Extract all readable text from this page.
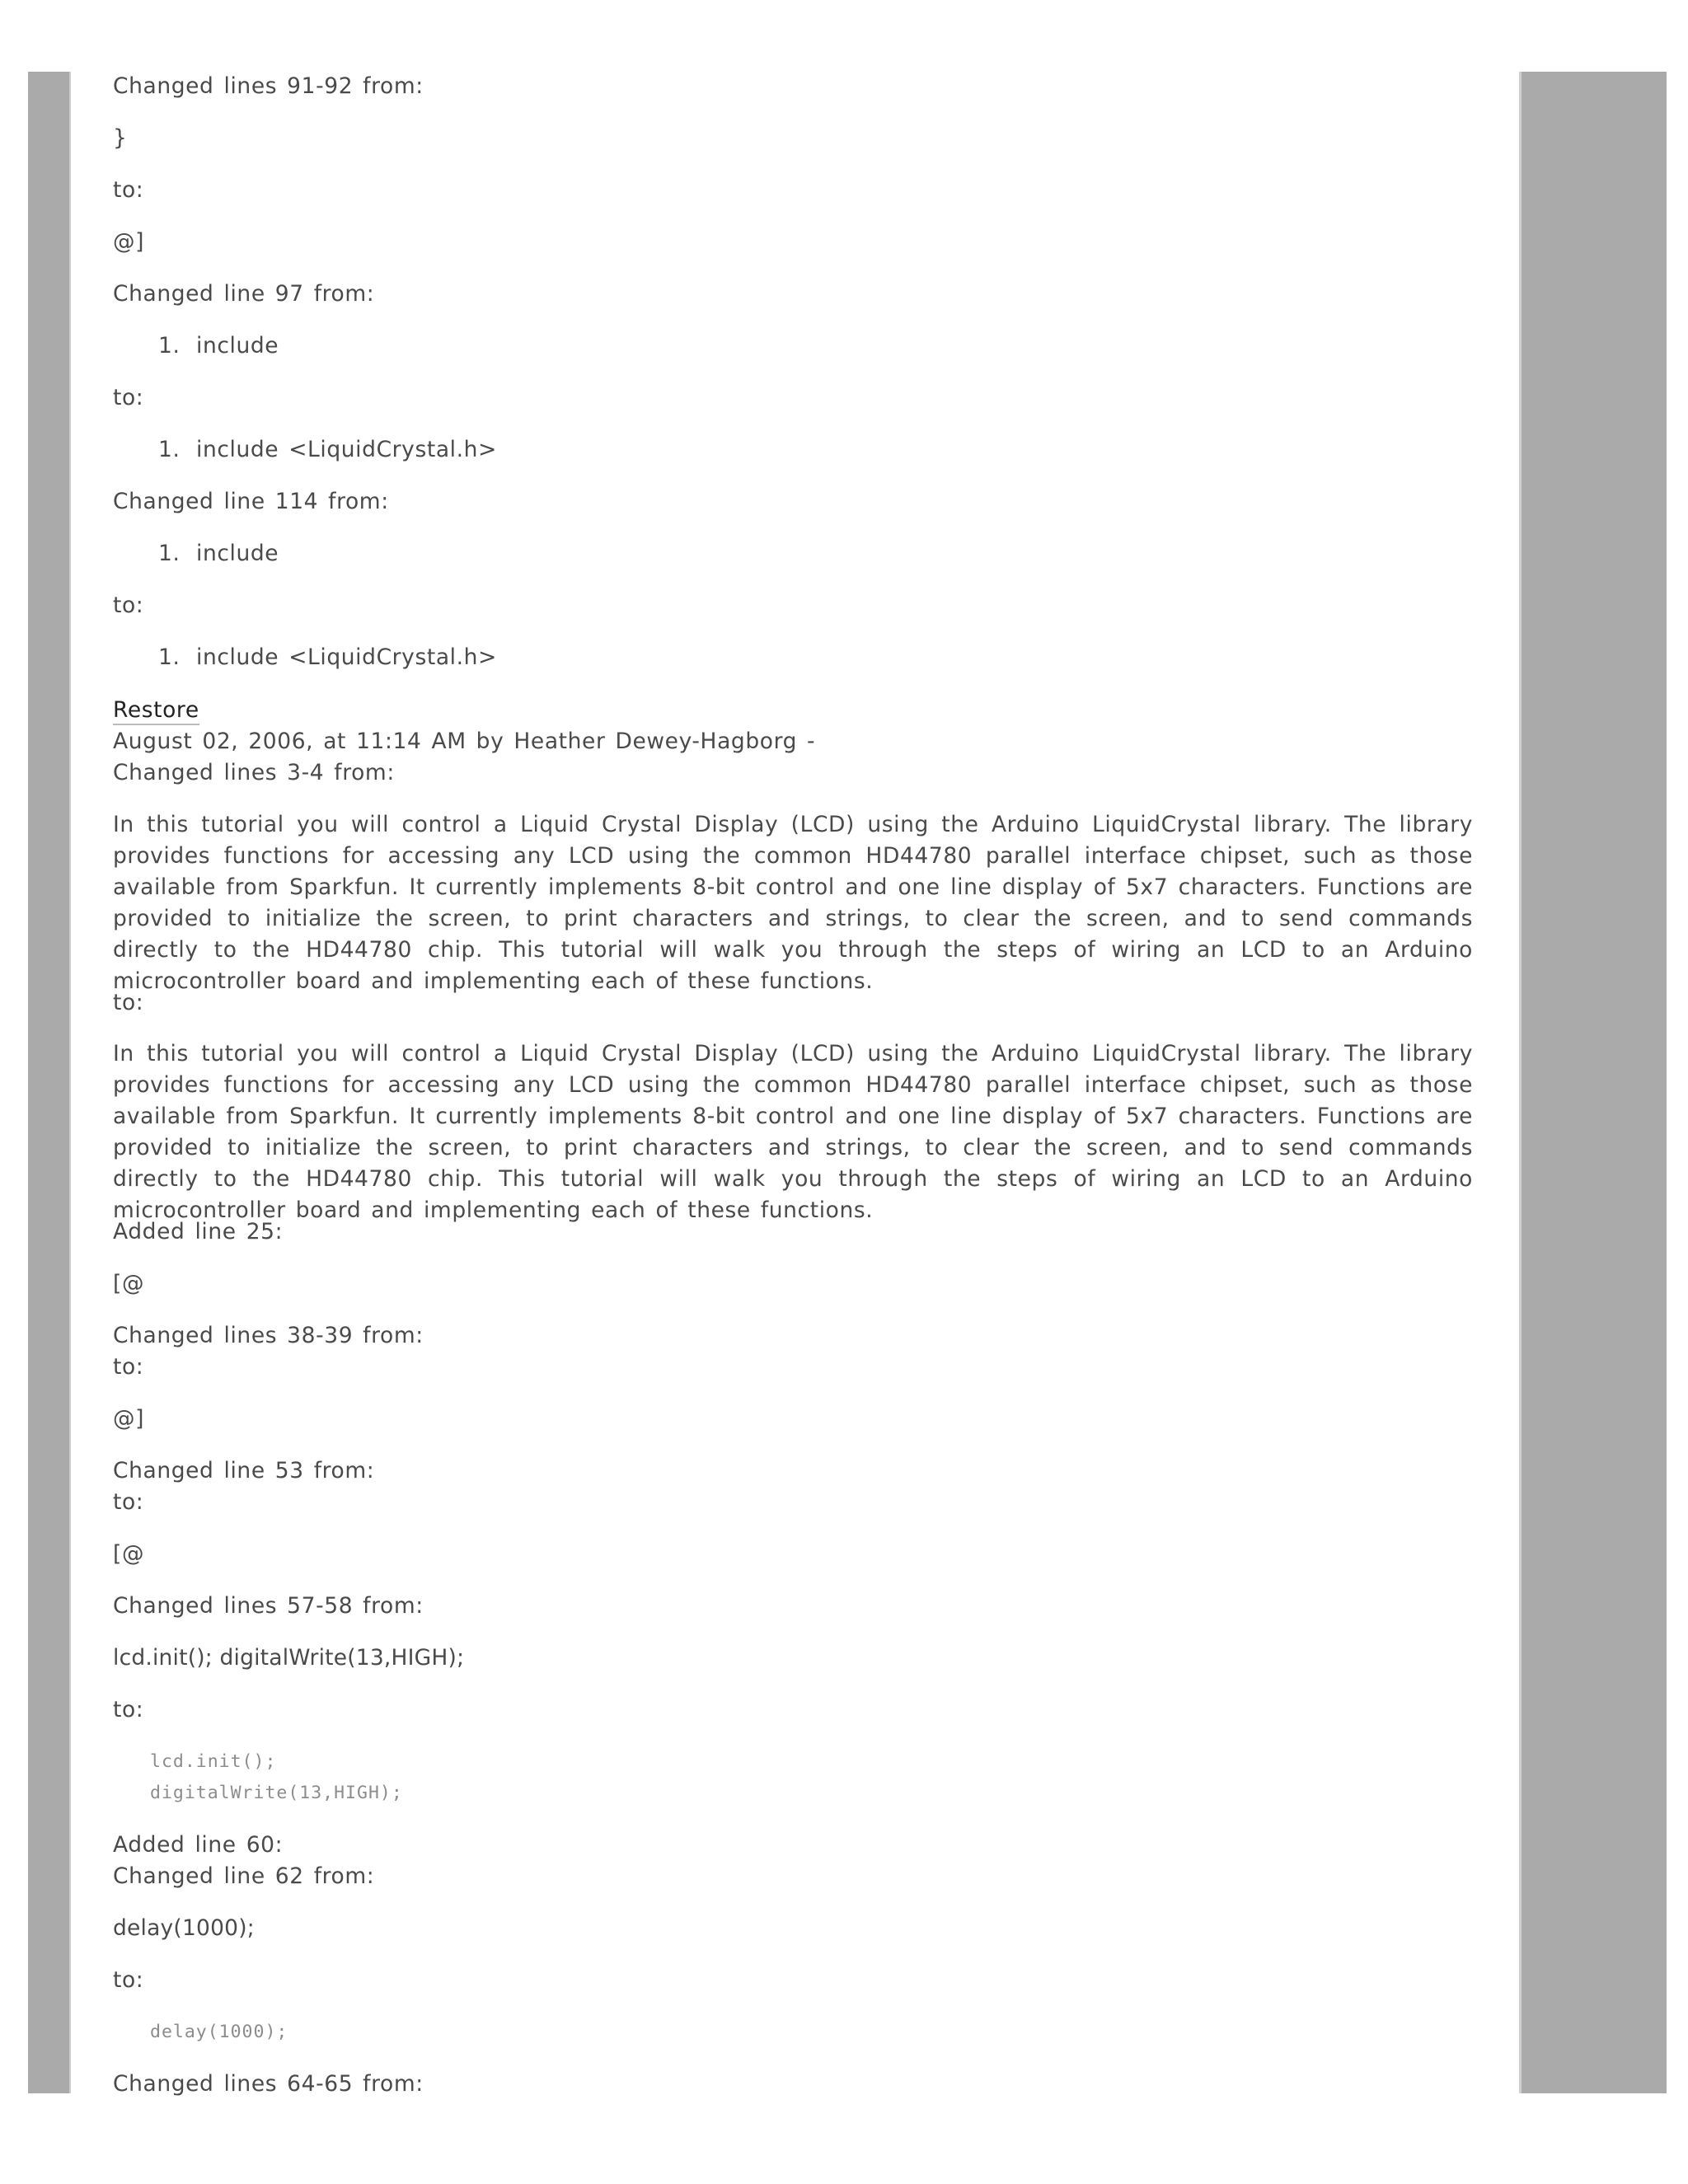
Changed lines 91-92 from:
}
to:
@]
Changed line 97 from:
1. include
to:
1. include <LiquidCrystal.h>
Changed line 114 from:
1. include
to:
1. include <LiquidCrystal.h>
Restore
August 02, 2006, at 11:14 AM by Heather Dewey-Hagborg -
Changed lines 3-4 from:
In this tutorial you will control a Liquid Crystal Display (LCD) using the Arduino LiquidCrystal library. The library provides functions for accessing any LCD using the common HD44780 parallel interface chipset, such as those available from Sparkfun. It currently implements 8-bit control and one line display of 5x7 characters. Functions are provided to initialize the screen, to print characters and strings, to clear the screen, and to send commands directly to the HD44780 chip. This tutorial will walk you through the steps of wiring an LCD to an Arduino microcontroller board and implementing each of these functions.
to:
In this tutorial you will control a Liquid Crystal Display (LCD) using the Arduino LiquidCrystal library. The library provides functions for accessing any LCD using the common HD44780 parallel interface chipset, such as those available from Sparkfun. It currently implements 8-bit control and one line display of 5x7 characters. Functions are provided to initialize the screen, to print characters and strings, to clear the screen, and to send commands directly to the HD44780 chip. This tutorial will walk you through the steps of wiring an LCD to an Arduino microcontroller board and implementing each of these functions.
Added line 25:
[@
Changed lines 38-39 from:
to:
@]
Changed line 53 from:
to:
[@
Changed lines 57-58 from:
lcd.init(); digitalWrite(13,HIGH);
to:
lcd.init();
digitalWrite(13,HIGH);
Added line 60:
Changed line 62 from:
delay(1000);
to:
delay(1000);
Changed lines 64-65 from:
